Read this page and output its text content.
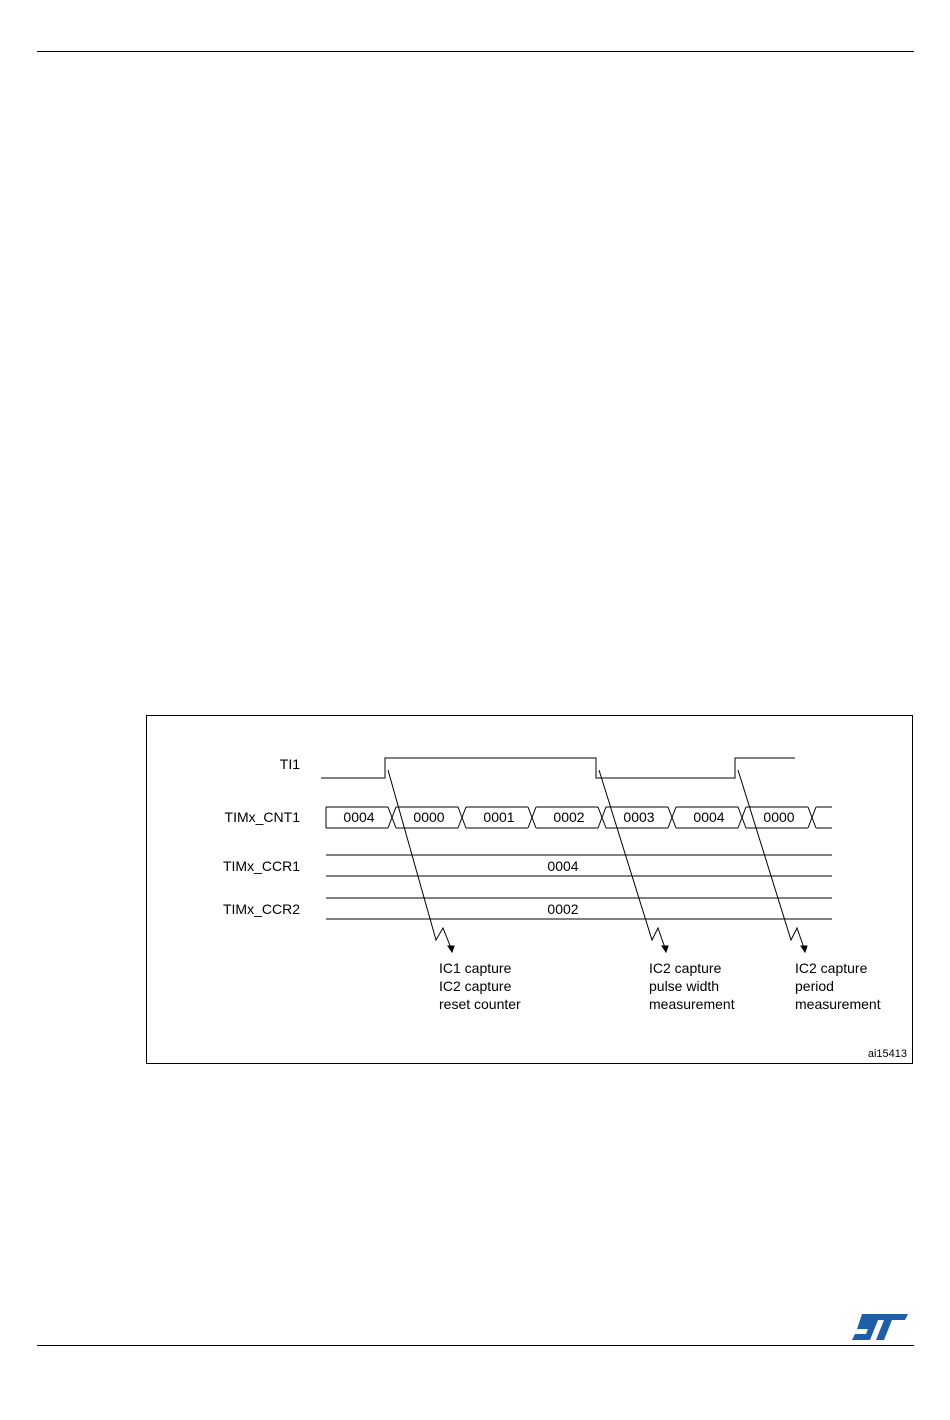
TI1
TIMx_CNT1
TIMx_CCR1
TIMx_CCR2
0004	0000	0001	0002	0003	0004	0000
0004
0002
IC1 capture
IC2 capture
reset counter
IC2 capture
pulse width
measurement
IC2 capture
period
measurement
ai15413
